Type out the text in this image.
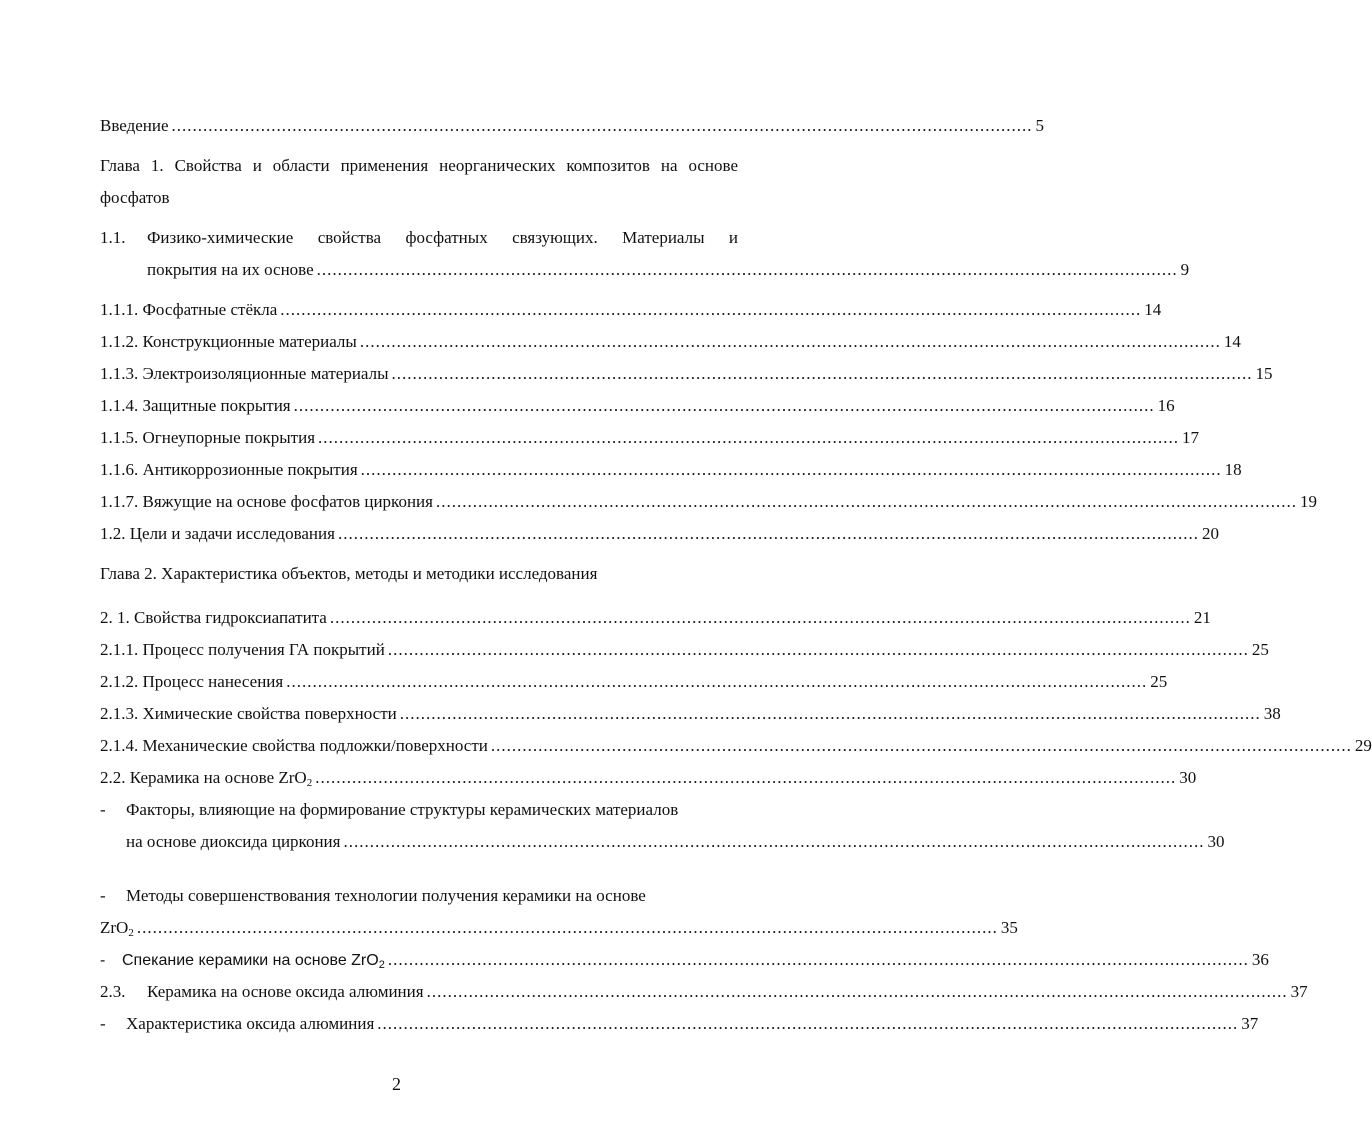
Введение .................................................................................................................................................................... 5
Глава 1. Свойства и области применения неорганических композитов на основе
фосфатов
1.1. Физико-химические свойства фосфатных связующих. Материалы и
покрытия на их основе .................................................................................................................................................................... 9
1.1.1. Фосфатные стёкла .................................................................................................................................................................... 14
1.1.2. Конструкционные материалы .................................................................................................................................................................... 14
1.1.3. Электроизоляционные материалы .................................................................................................................................................................... 15
1.1.4. Защитные покрытия .................................................................................................................................................................... 16
1.1.5. Огнеупорные покрытия .................................................................................................................................................................... 17
1.1.6. Антикоррозионные покрытия .................................................................................................................................................................... 18
1.1.7. Вяжущие на основе фосфатов циркония .................................................................................................................................................................... 19
1.2. Цели и задачи исследования .................................................................................................................................................................... 20
Глава 2. Характеристика объектов, методы и методики исследования
2. 1. Свойства гидроксиапатита .................................................................................................................................................................... 21
2.1.1. Процесс получения ГА покрытий .................................................................................................................................................................... 25
2.1.2. Процесс нанесения .................................................................................................................................................................... 25
2.1.3. Химические свойства поверхности .................................................................................................................................................................... 38
2.1.4. Механические свойства подложки/поверхности .................................................................................................................................................................... 29
2.2. Керамика на основе ZrO$_2$ .................................................................................................................................................................... 30
- Факторы, влияющие на формирование структуры керамических материалов
на основе диоксида циркония .................................................................................................................................................................... 30
- Методы совершенствования технологии получения керамики на основе
ZrO$_2$ .................................................................................................................................................................... 35
- Спекание керамики на основе ZrO$_2$ .................................................................................................................................................................... 36
2.3. Керамика на основе оксида алюминия .................................................................................................................................................................... 37
- Характеристика оксида алюминия .................................................................................................................................................................... 37
2
